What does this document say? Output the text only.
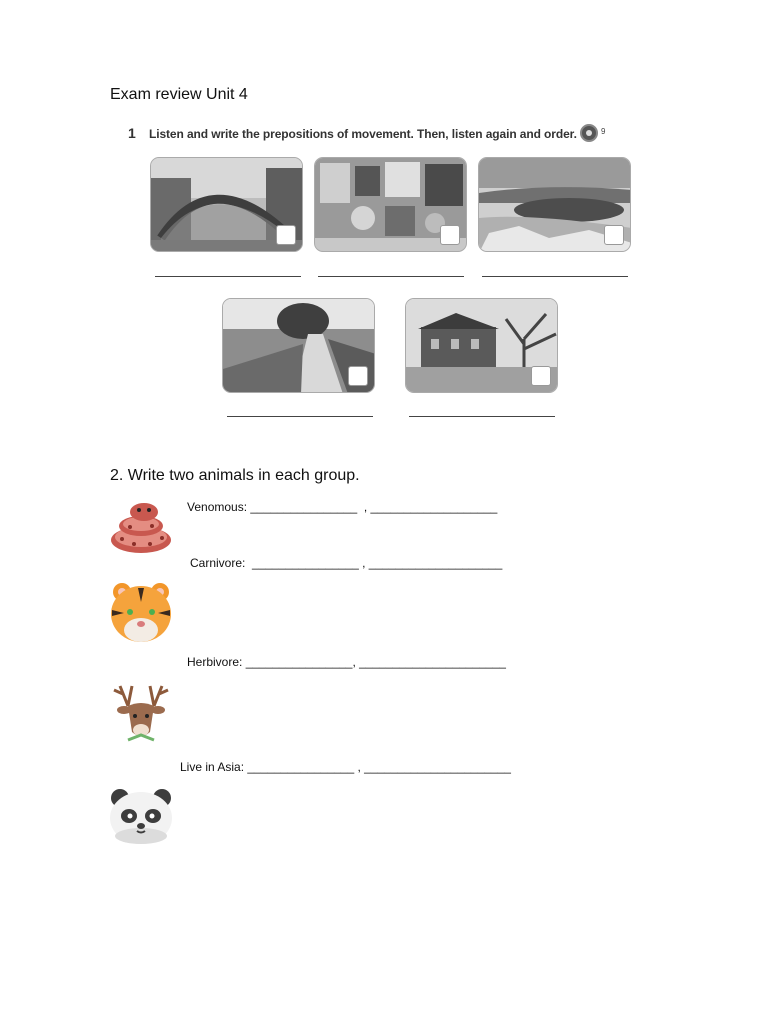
Exam review Unit 4
1 Listen and write the prepositions of movement. Then, listen again and order.	9
2. Write two animals in each group.
Venomous: ________________  , ___________________
Carnivore:  ________________ , ____________________
Herbivore: ________________, ______________________
Live in Asia: ________________ , ______________________
